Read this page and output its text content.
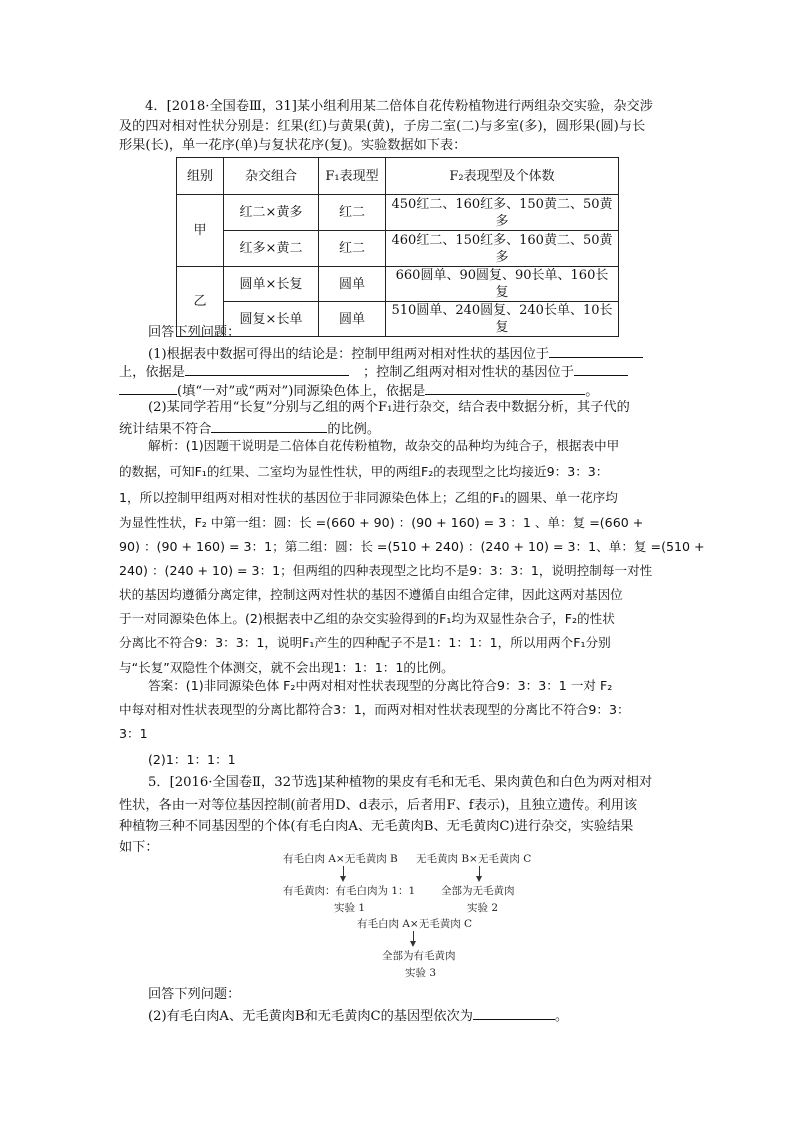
4．[2018·全国卷Ⅲ，31]某小组利用某二倍体自花传粉植物进行两组杂交实验，杂交涉
及的四对相对性状分别是：红果(红)与黄果(黄)，子房二室(二)与多室(多)，圆形果(圆)与长
形果(长)，单一花序(单)与复状花序(复)。实验数据如下表：
组别	杂交组合	F₁表现型	F₂表现型及个体数
甲	红二×黄多	红二	450红二、160红多、150黄二、50黄多
	红多×黄二	红二	460红二、150红多、160黄二、50黄多
乙	圆单×长复	圆单	660圆单、90圆复、90长单、160长复
	圆复×长单	圆单	510圆单、240圆复、240长单、10长复
回答下列问题：
(1)根据表中数据可得出的结论是：控制甲组两对相对性状的基因位于
上，依据是	；控制乙组两对相对性状的基因位于
(填“一对”或“两对”)同源染色体上，依据是	。
(2)某同学若用“长复”分别与乙组的两个F₁进行杂交，结合表中数据分析，其子代的
统计结果不符合	的比例。
解析：(1)因题干说明是二倍体自花传粉植物，故杂交的品种均为纯合子，根据表中甲
的数据，可知F₁的红果、二室均为显性性状，甲的两组F₂的表现型之比均接近9：3：3：
1，所以控制甲组两对相对性状的基因位于非同源染色体上；乙组的F₁的圆果、单一花序均
为显性性状，F₂ 中第一组：圆：长 =(660 + 90) ：(90 + 160) = 3 ：1 、单：复 =(660 +
90) ：(90 + 160) = 3：1；第二组：圆：长 =(510 + 240) ：(240 + 10) = 3：1、单：复 =(510 +
240) ：(240 + 10) = 3：1；但两组的四种表现型之比均不是9：3：3：1，说明控制每一对性
状的基因均遵循分离定律，控制这两对性状的基因不遵循自由组合定律，因此这两对基因位
于一对同源染色体上。(2)根据表中乙组的杂交实验得到的F₁均为双显性杂合子，F₂的性状
分离比不符合9：3：3：1，说明F₁产生的四种配子不是1：1：1：1，所以用两个F₁分别
与“长复”双隐性个体测交，就不会出现1：1：1：1的比例。
答案：(1)非同源染色体 F₂中两对相对性状表现型的分离比符合9：3：3：1 一对 F₂
中每对相对性状表现型的分离比都符合3：1，而两对相对性状表现型的分离比不符合9：3：
3：1
(2)1：1：1：1
5．[2016·全国卷Ⅱ，32节选]某种植物的果皮有毛和无毛、果肉黄色和白色为两对相对
性状，各由一对等位基因控制(前者用D、d表示，后者用F、f表示)，且独立遗传。利用该
种植物三种不同基因型的个体(有毛白肉A、无毛黄肉B、无毛黄肉C)进行杂交，实验结果
如下：
有毛白肉 A×无毛黄肉 B
有毛黄肉：有毛白肉为 1：1
实验 1
无毛黄肉 B×无毛黄肉 C
全部为无毛黄肉
实验 2
有毛白肉 A×无毛黄肉 C
全部为有毛黄肉
实验 3
回答下列问题：
(2)有毛白肉A、无毛黄肉B和无毛黄肉C的基因型依次为	。
